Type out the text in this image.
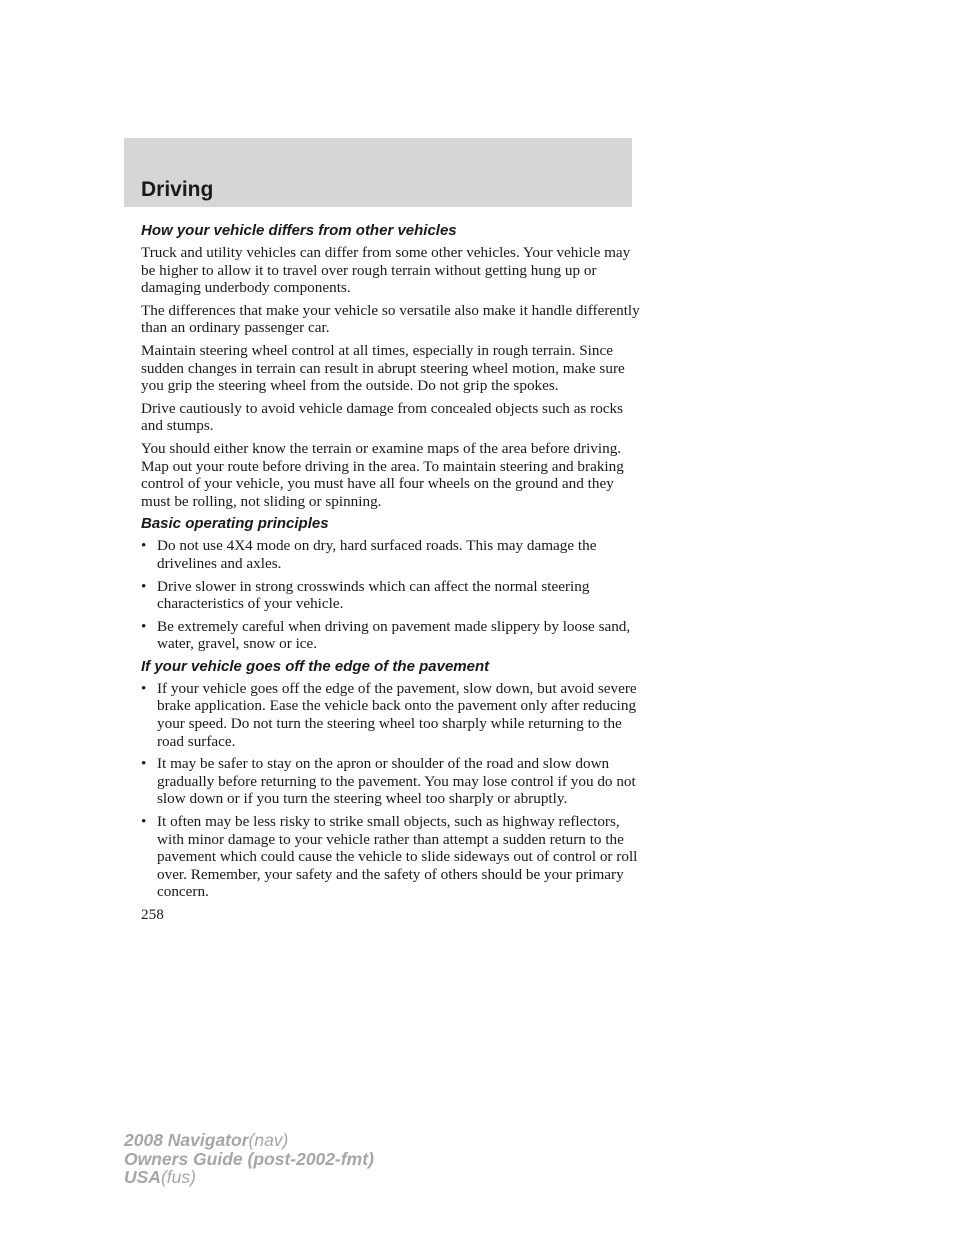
Driving
How your vehicle differs from other vehicles

Truck and utility vehicles can differ from some other vehicles. Your vehicle may be higher to allow it to travel over rough terrain without getting hung up or damaging underbody components.

The differences that make your vehicle so versatile also make it handle differently than an ordinary passenger car.

Maintain steering wheel control at all times, especially in rough terrain. Since sudden changes in terrain can result in abrupt steering wheel motion, make sure you grip the steering wheel from the outside. Do not grip the spokes.

Drive cautiously to avoid vehicle damage from concealed objects such as rocks and stumps.

You should either know the terrain or examine maps of the area before driving. Map out your route before driving in the area. To maintain steering and braking control of your vehicle, you must have all four wheels on the ground and they must be rolling, not sliding or spinning.

Basic operating principles
• Do not use 4X4 mode on dry, hard surfaced roads. This may damage the drivelines and axles.
• Drive slower in strong crosswinds which can affect the normal steering characteristics of your vehicle.
• Be extremely careful when driving on pavement made slippery by loose sand, water, gravel, snow or ice.
If your vehicle goes off the edge of the pavement
• If your vehicle goes off the edge of the pavement, slow down, but avoid severe brake application. Ease the vehicle back onto the pavement only after reducing your speed. Do not turn the steering wheel too sharply while returning to the road surface.
• It may be safer to stay on the apron or shoulder of the road and slow down gradually before returning to the pavement. You may lose control if you do not slow down or if you turn the steering wheel too sharply or abruptly.
• It often may be less risky to strike small objects, such as highway reflectors, with minor damage to your vehicle rather than attempt a sudden return to the pavement which could cause the vehicle to slide sideways out of control or roll over. Remember, your safety and the safety of others should be your primary concern.
258
2008 Navigator(nav)
Owners Guide (post-2002-fmt)
USA(fus)
